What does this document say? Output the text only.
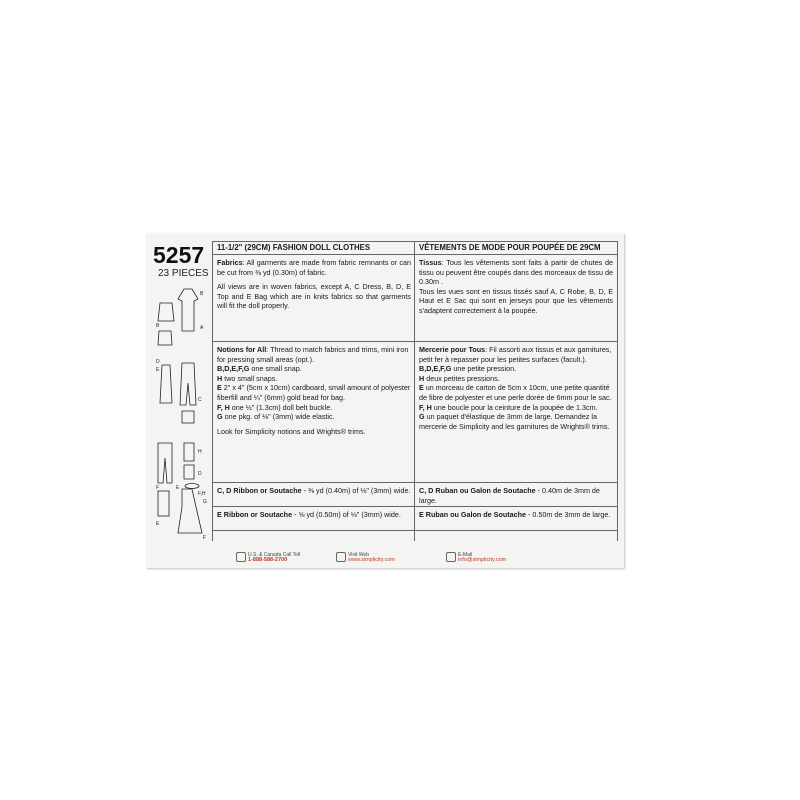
5257
23 PIECES
B
B
A
D
E
C
F
H
D
E
F,H
E
G
F
11-1/2" (29CM) FASHION DOLL CLOTHES

Fabrics: All garments are made from fabric remnants or can be cut from ⅜ yd (0.30m) of fabric.

All views are in woven fabrics, except A, C Dress, B, D, E Top and E Bag which are in knits fabrics so that garments will fit the doll properly.

Notions for All: Thread to match fabrics and trims, mini iron for pressing small areas (opt.).

B,D,E,F,G one small snap.

H two small snaps.

E 2" x 4" (5cm x 10cm) cardboard, small amount of polyester fiberfill and ¼" (6mm) gold bead for bag.

F, H one ½" (1.3cm) doll belt buckle.

G one pkg. of ⅛" (3mm) wide elastic.

Look for Simplicity notions and Wrights® trims.

C, D Ribbon or Soutache - ⅜ yd (0.40m) of ⅛" (3mm) wide.

E Ribbon or Soutache - ⅝ yd (0.50m) of ⅛" (3mm) wide.

VÊTEMENTS DE MODE POUR POUPÉE DE 29CM

Tissus: Tous les vêtements sont faits à partir de chutes de tissu ou peuvent être coupés dans des morceaux de tissu de 0.30m .

Tous les vues sont en tissus tissés sauf A, C Robe, B, D, E Haut et E Sac qui sont en jerseys pour que les vêtements s'adaptent correctement à la poupée.

Mercerie pour Tous: Fil assorti aux tissus et aux garnitures, petit fer à repasser pour les petites surfaces (facult.).

B,D,E,F,G une petite pression.

H deux petites pressions.

E un morceau de carton de 5cm x 10cm, une petite quantité de fibre de polyester et une perle dorée de 6mm pour le sac.

F, H une boucle pour la ceinture de la poupée de 1.3cm.

G un paquet d'élastique de 3mm de large. Demandez la mercerie de Simplicity and les garnitures de Wrights® trims.

C, D Ruban ou Galon de Soutache - 0.40m de 3mm de large.

E Ruban ou Galon de Soutache - 0.50m de 3mm de large.

U.S. & Canada Call Toll
1-888-588-2700
Visit Web
www.simplicity.com
E-Mail
info@simplicity.com
